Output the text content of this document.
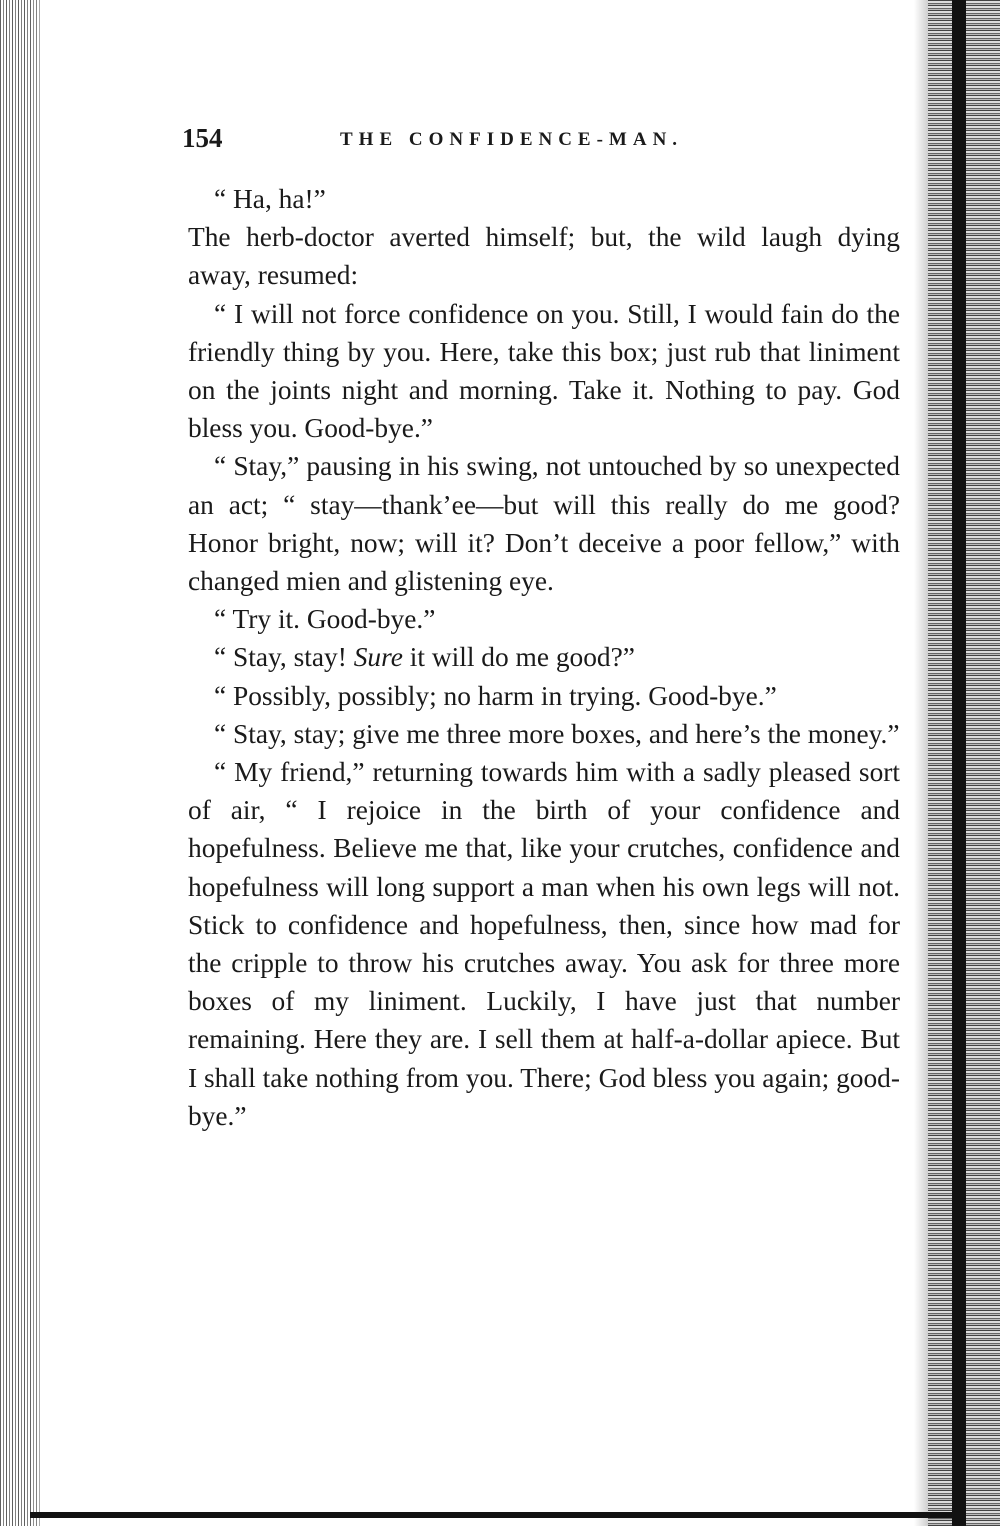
154	THE CONFIDENCE-MAN.

“ Ha, ha!”

The herb-doctor averted himself; but, the wild laugh dying away, resumed:

“ I will not force confidence on you. Still, I would fain do the friendly thing by you. Here, take this box; just rub that liniment on the joints night and morning. Take it. Nothing to pay. God bless you. Good-bye.”

“ Stay,” pausing in his swing, not untouched by so unexpected an act; “ stay—thank’ee—but will this really do me good? Honor bright, now; will it? Don’t deceive a poor fellow,” with changed mien and glistening eye.

“ Try it. Good-bye.”

“ Stay, stay! Sure it will do me good?”

“ Possibly, possibly; no harm in trying. Good-bye.”

“ Stay, stay; give me three more boxes, and here’s the money.”

“ My friend,” returning towards him with a sadly pleased sort of air, “ I rejoice in the birth of your confidence and hopefulness. Believe me that, like your crutches, confidence and hopefulness will long support a man when his own legs will not. Stick to confidence and hopefulness, then, since how mad for the cripple to throw his crutches away. You ask for three more boxes of my liniment. Luckily, I have just that number remaining. Here they are. I sell them at half-a-dollar apiece. But I shall take nothing from you. There; God bless you again; good-bye.”
